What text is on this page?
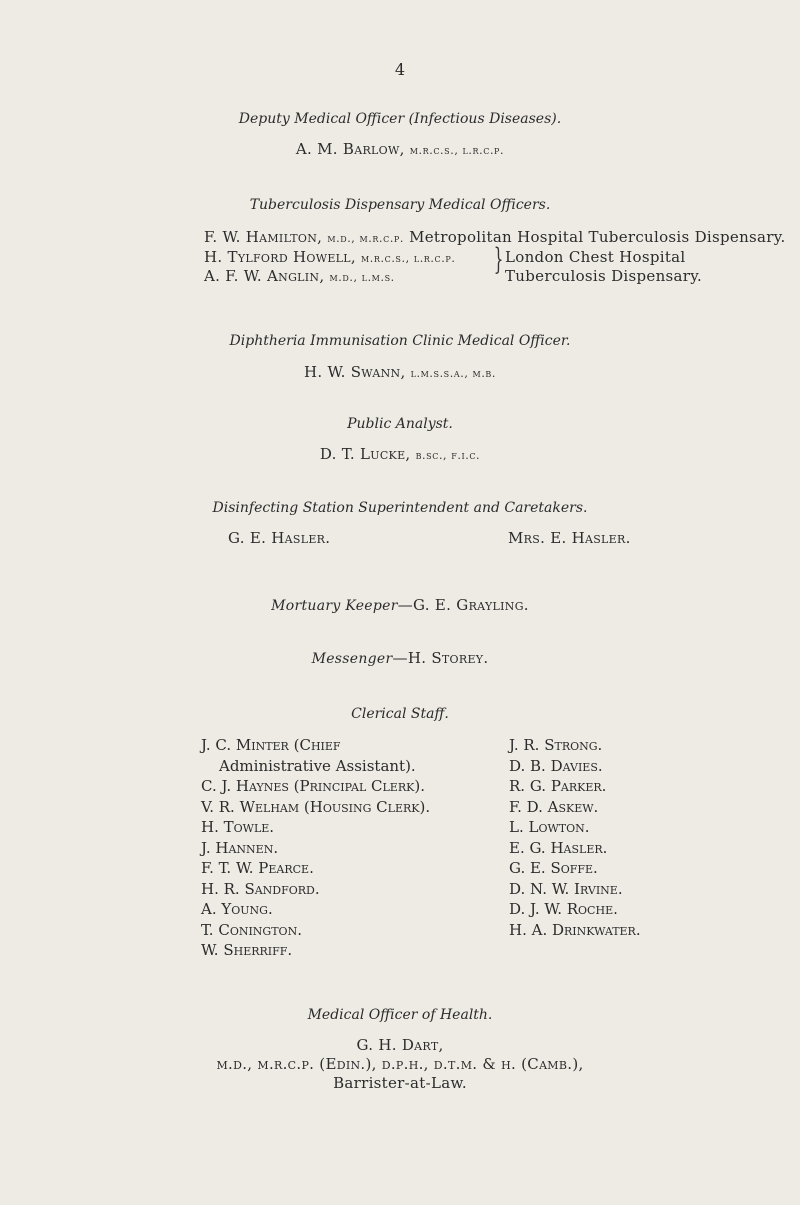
4
Deputy Medical Officer (Infectious Diseases).
A. M. Barlow, m.r.c.s., l.r.c.p.
Tuberculosis Dispensary Medical Officers.
F. W. Hamilton, m.d., m.r.c.p. Metropolitan Hospital Tuberculosis Dispensary.
H. Tylford Howell, m.r.c.s., l.r.c.p.
A. F. W. Anglin, m.d., l.m.s.
} London Chest Hospital
Tuberculosis Dispensary.
Diphtheria Immunisation Clinic Medical Officer.
H. W. Swann, l.m.s.s.a., m.b.
Public Analyst.
D. T. Lucke, b.sc., f.i.c.
Disinfecting Station Superintendent and Caretakers.
G. E. Hasler.	Mrs. E. Hasler.
Mortuary Keeper—G. E. Grayling.
Messenger—H. Storey.
Clerical Staff.
J. C. Minter (Chief
Administrative Assistant).
C. J. Haynes (Principal Clerk).
V. R. Welham (Housing Clerk).
H. Towle.
J. Hannen.
F. T. W. Pearce.
H. R. Sandford.
A. Young.
T. Conington.
W. Sherriff.
J. R. Strong.
D. B. Davies.
R. G. Parker.
F. D. Askew.
L. Lowton.
E. G. Hasler.
G. E. Soffe.
D. N. W. Irvine.
D. J. W. Roche.
H. A. Drinkwater.
Medical Officer of Health.
G. H. Dart,
m.d., m.r.c.p. (Edin.), d.p.h., d.t.m. & h. (Camb.),
Barrister-at-Law.
